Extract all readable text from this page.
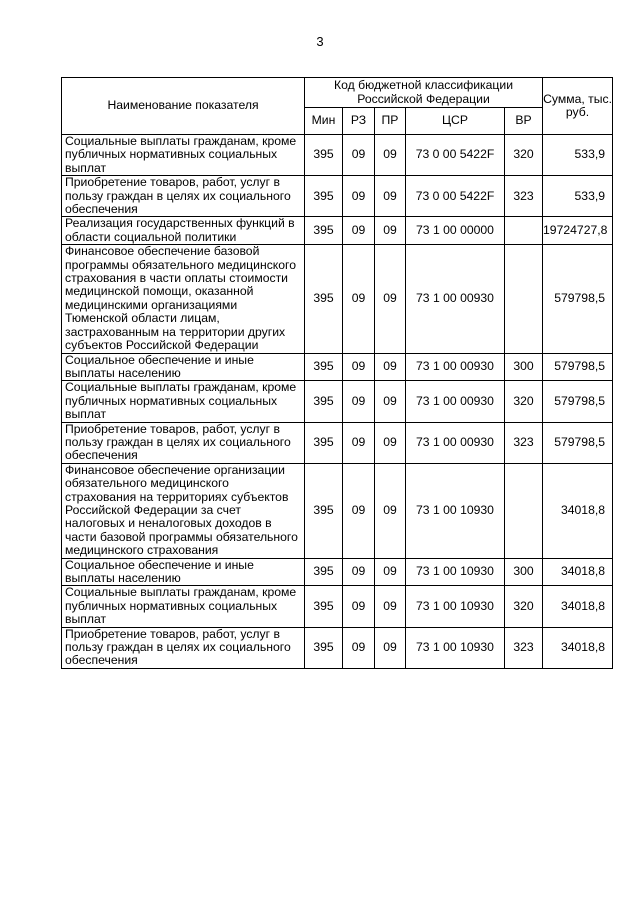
3
Наименование показателя	Код бюджетной классификации Российской Федерации					Сумма, тыс. руб.
	Мин	РЗ	ПР	ЦСР	ВР	
Социальные выплаты гражданам, кроме публичных нормативных социальных выплат	395	09	09	73 0 00 5422F	320	533,9
Приобретение товаров, работ, услуг в пользу граждан в целях их социального обеспечения	395	09	09	73 0 00 5422F	323	533,9
Реализация государственных функций в области социальной политики	395	09	09	73 1 00 00000		19724727,8
Финансовое обеспечение базовой программы обязательного медицинского страхования в части оплаты стоимости медицинской помощи, оказанной медицинскими организациями Тюменской области лицам, застрахованным на территории других субъектов Российской Федерации	395	09	09	73 1 00 00930		579798,5
Социальное обеспечение и иные выплаты населению	395	09	09	73 1 00 00930	300	579798,5
Социальные выплаты гражданам, кроме публичных нормативных социальных выплат	395	09	09	73 1 00 00930	320	579798,5
Приобретение товаров, работ, услуг в пользу граждан в целях их социального обеспечения	395	09	09	73 1 00 00930	323	579798,5
Финансовое обеспечение организации обязательного медицинского страхования на территориях субъектов Российской Федерации за счет налоговых и неналоговых доходов в части базовой программы обязательного медицинского страхования	395	09	09	73 1 00 10930		34018,8
Социальное обеспечение и иные выплаты населению	395	09	09	73 1 00 10930	300	34018,8
Социальные выплаты гражданам, кроме публичных нормативных социальных выплат	395	09	09	73 1 00 10930	320	34018,8
Приобретение товаров, работ, услуг в пользу граждан в целях их социального обеспечения	395	09	09	73 1 00 10930	323	34018,8
